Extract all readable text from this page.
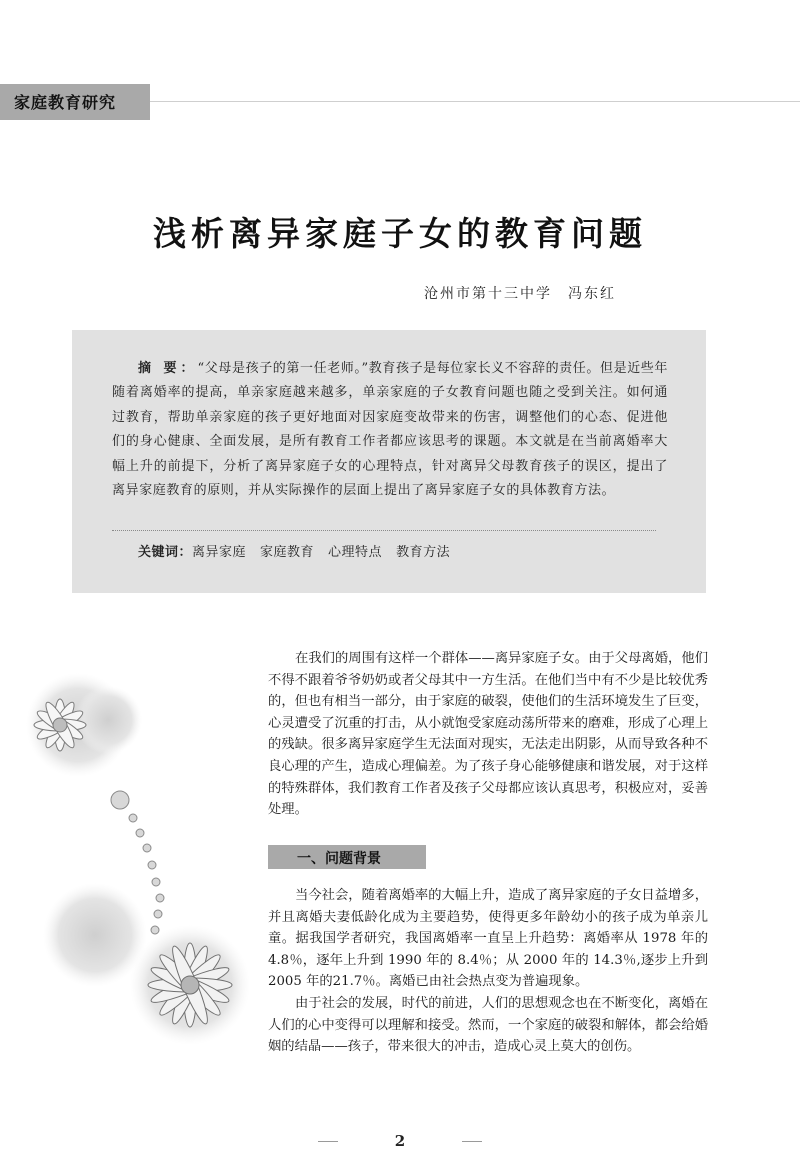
家庭教育研究
浅析离异家庭子女的教育问题
沧州市第十三中学 冯东红

摘 要：“父母是孩子的第一任老师。”教育孩子是每位家长义不容辞的责任。但是近些年随着离婚率的提高，单亲家庭越来越多，单亲家庭的子女教育问题也随之受到关注。如何通过教育，帮助单亲家庭的孩子更好地面对因家庭变故带来的伤害，调整他们的心态、促进他们的身心健康、全面发展，是所有教育工作者都应该思考的课题。本文就是在当前离婚率大幅上升的前提下，分析了离异家庭子女的心理特点，针对离异父母教育孩子的误区，提出了离异家庭教育的原则，并从实际操作的层面上提出了离异家庭子女的具体教育方法。

关键词：离异家庭 家庭教育 心理特点 教育方法

在我们的周围有这样一个群体——离异家庭子女。由于父母离婚，他们不得不跟着爷爷奶奶或者父母其中一方生活。在他们当中有不少是比较优秀的，但也有相当一部分，由于家庭的破裂，使他们的生活环境发生了巨变，心灵遭受了沉重的打击，从小就饱受家庭动荡所带来的磨难，形成了心理上的残缺。很多离异家庭学生无法面对现实，无法走出阴影，从而导致各种不良心理的产生，造成心理偏差。为了孩子身心能够健康和谐发展，对于这样的特殊群体，我们教育工作者及孩子父母都应该认真思考，积极应对，妥善处理。

一、问题背景

当今社会，随着离婚率的大幅上升，造成了离异家庭的子女日益增多，并且离婚夫妻低龄化成为主要趋势，使得更多年龄幼小的孩子成为单亲儿童。据我国学者研究，我国离婚率一直呈上升趋势：离婚率从 1978 年的 4.8％，逐年上升到 1990 年的 8.4％；从 2000 年的 14.3％,逐步上升到2005 年的21.7％。离婚已由社会热点变为普遍现象。

由于社会的发展，时代的前进，人们的思想观念也在不断变化，离婚在人们的心中变得可以理解和接受。然而，一个家庭的破裂和解体，都会给婚姻的结晶——孩子，带来很大的冲击，造成心灵上莫大的创伤。

2
